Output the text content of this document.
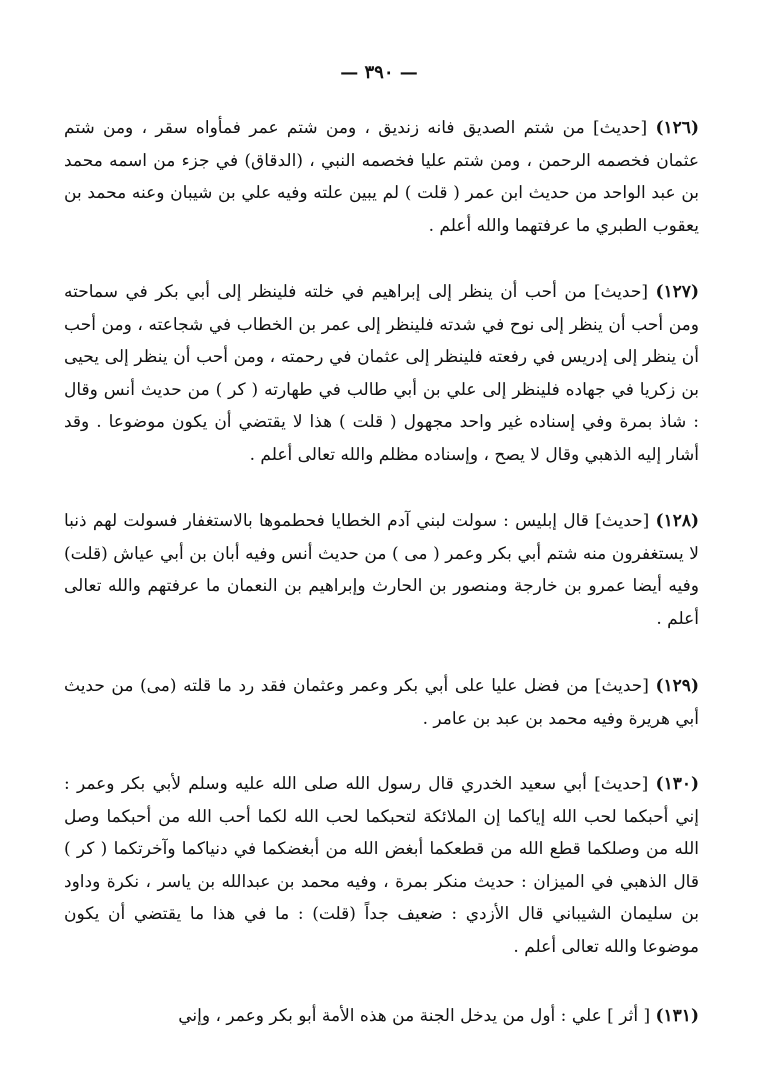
— ٣٩٠ —

(١٢٦) [حديث] من شتم الصديق فانه زنديق ، ومن شتم عمر فمأواه سقر ، ومن شتم عثمان فخصمه الرحمن ، ومن شتم عليا فخصمه النبي ، (الدقاق) في جزء من اسمه محمد بن عبد الواحد من حديث ابن عمر ( قلت ) لم يبين علته وفيه علي بن شيبان وعنه محمد بن يعقوب الطبري ما عرفتهما والله أعلم .

(١٢٧) [حديث] من أحب أن ينظر إلى إبراهيم في خلته فلينظر إلى أبي بكر في سماحته ومن أحب أن ينظر إلى نوح في شدته فلينظر إلى عمر بن الخطاب في شجاعته ، ومن أحب أن ينظر إلى إدريس في رفعته فلينظر إلى عثمان في رحمته ، ومن أحب أن ينظر إلى يحيى بن زكريا في جهاده فلينظر إلى علي بن أبي طالب في طهارته ( كر ) من حديث أنس وقال : شاذ بمرة وفي إسناده غير واحد مجهول ( قلت ) هذا لا يقتضي أن يكون موضوعا . وقد أشار إليه الذهبي وقال لا يصح ، وإسناده مظلم والله تعالى أعلم .

(١٢٨) [حديث] قال إبليس : سولت لبني آدم الخطايا فحطموها بالاستغفار فسولت لهم ذنبا لا يستغفرون منه شتم أبي بكر وعمر ( مى ) من حديث أنس وفيه أبان بن أبي عياش (قلت) وفيه أيضا عمرو بن خارجة ومنصور بن الحارث وإبراهيم بن النعمان ما عرفتهم والله تعالى أعلم .

(١٢٩) [حديث] من فضل عليا على أبي بكر وعمر وعثمان فقد رد ما قلته (مى) من حديث أبي هريرة وفيه محمد بن عبد بن عامر .

(١٣٠) [حديث] أبي سعيد الخدري قال رسول الله صلى الله عليه وسلم لأبي بكر وعمر : إني أحبكما لحب الله إياكما إن الملائكة لتحبكما لحب الله لكما أحب الله من أحبكما وصل الله من وصلكما قطع الله من قطعكما أبغض الله من أبغضكما في دنياكما وآخرتكما ( كر ) قال الذهبي في الميزان : حديث منكر بمرة ، وفيه محمد بن عبدالله بن ياسر ، نكرة وداود بن سليمان الشيباني قال الأزدي : ضعيف جداً (قلت) : ما في هذا ما يقتضي أن يكون موضوعا والله تعالى أعلم .

(١٣١) [ أثر ] علي : أول من يدخل الجنة من هذه الأمة أبو بكر وعمر ، وإني
